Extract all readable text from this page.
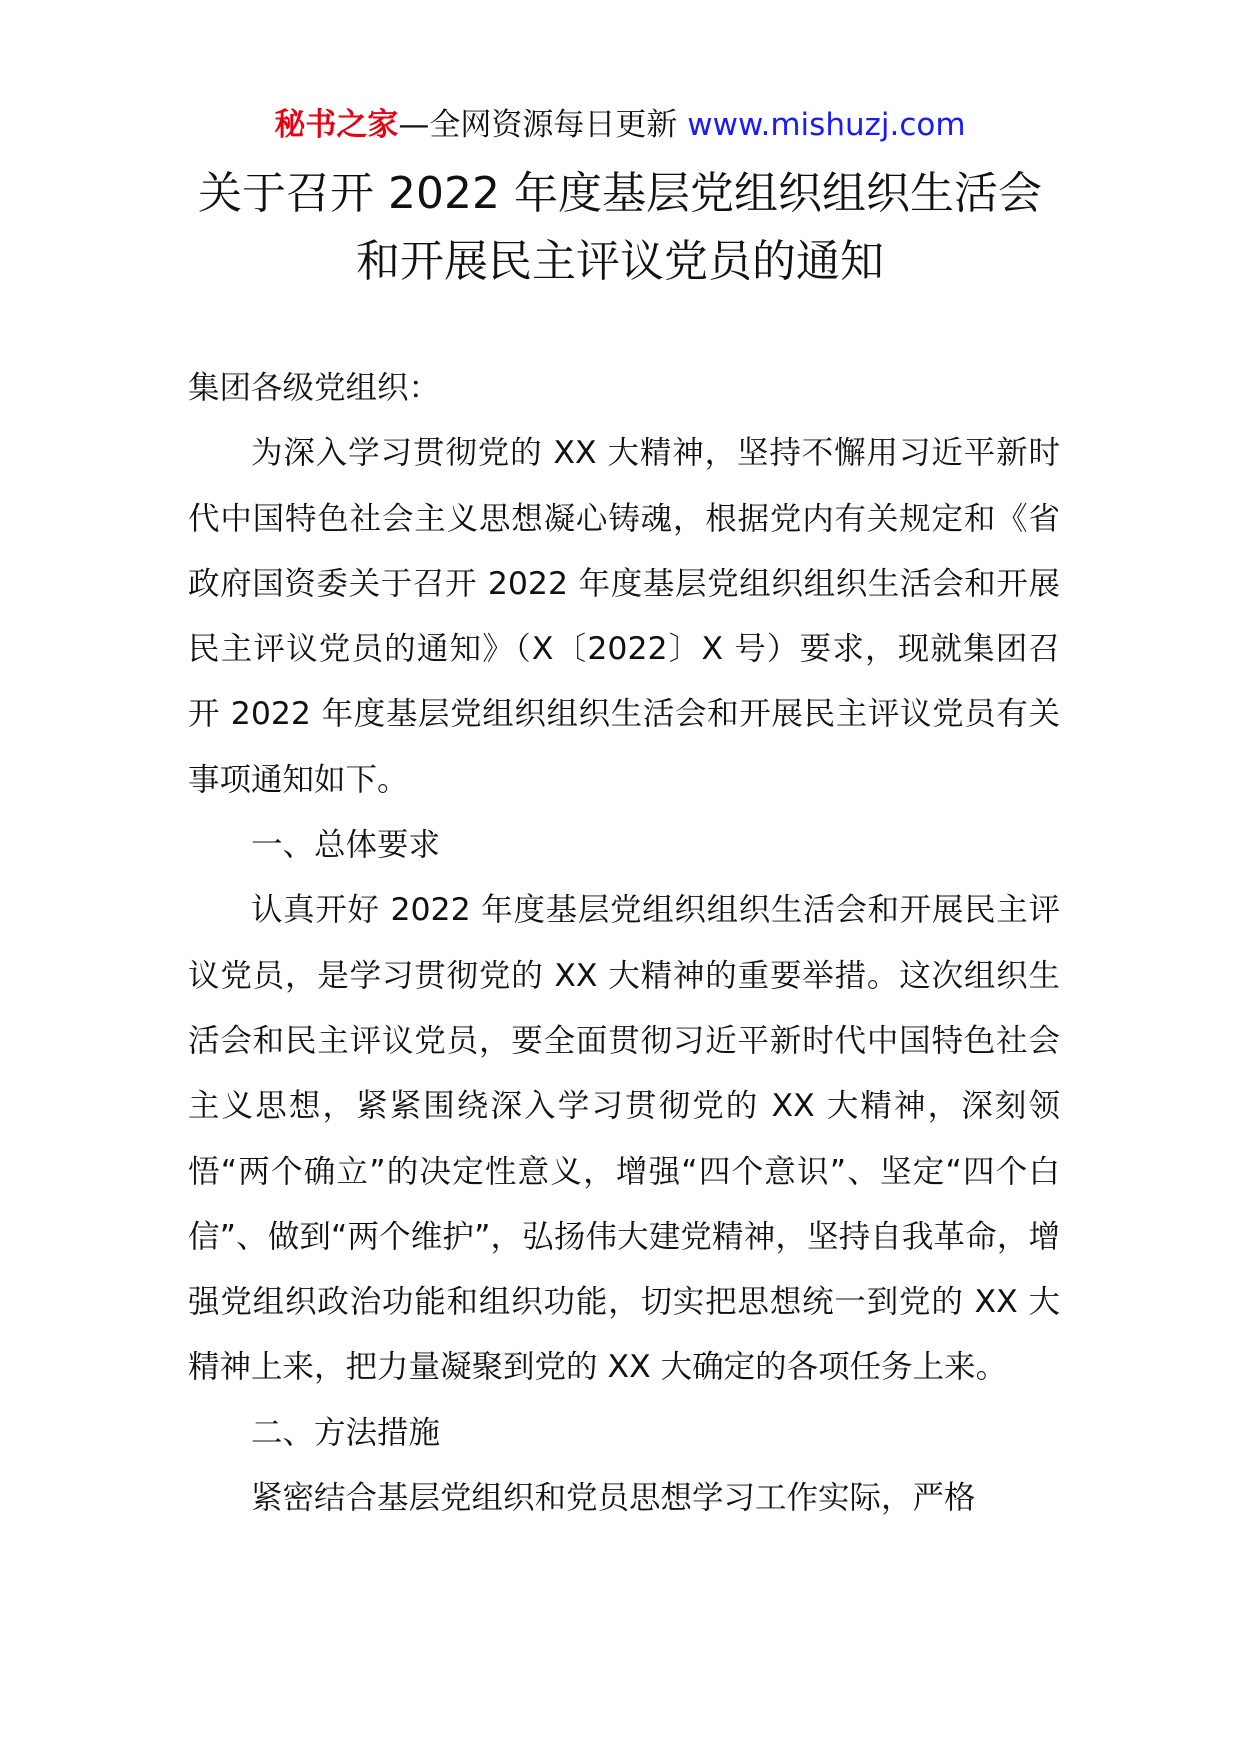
秘书之家—全网资源每日更新 www.mishuzj.com
关于召开 2022 年度基层党组织组织生活会
和开展民主评议党员的通知

集团各级党组织：

为深入学习贯彻党的 XX 大精神，坚持不懈用习近平新时代中国特色社会主义思想凝心铸魂，根据党内有关规定和《省政府国资委关于召开 2022 年度基层党组织组织生活会和开展民主评议党员的通知》（X〔2022〕X 号）要求，现就集团召开 2022 年度基层党组织组织生活会和开展民主评议党员有关事项通知如下。

一、总体要求

认真开好 2022 年度基层党组织组织生活会和开展民主评议党员，是学习贯彻党的 XX 大精神的重要举措。这次组织生活会和民主评议党员，要全面贯彻习近平新时代中国特色社会主义思想，紧紧围绕深入学习贯彻党的 XX 大精神，深刻领悟“两个确立”的决定性意义，增强“四个意识”、坚定“四个白信”、做到“两个维护”，弘扬伟大建党精神，坚持自我革命，增强党组织政治功能和组织功能，切实把思想统一到党的 XX 大精神上来，把力量凝聚到党的 XX 大确定的各项任务上来。

二、方法措施

紧密结合基层党组织和党员思想学习工作实际，严格
